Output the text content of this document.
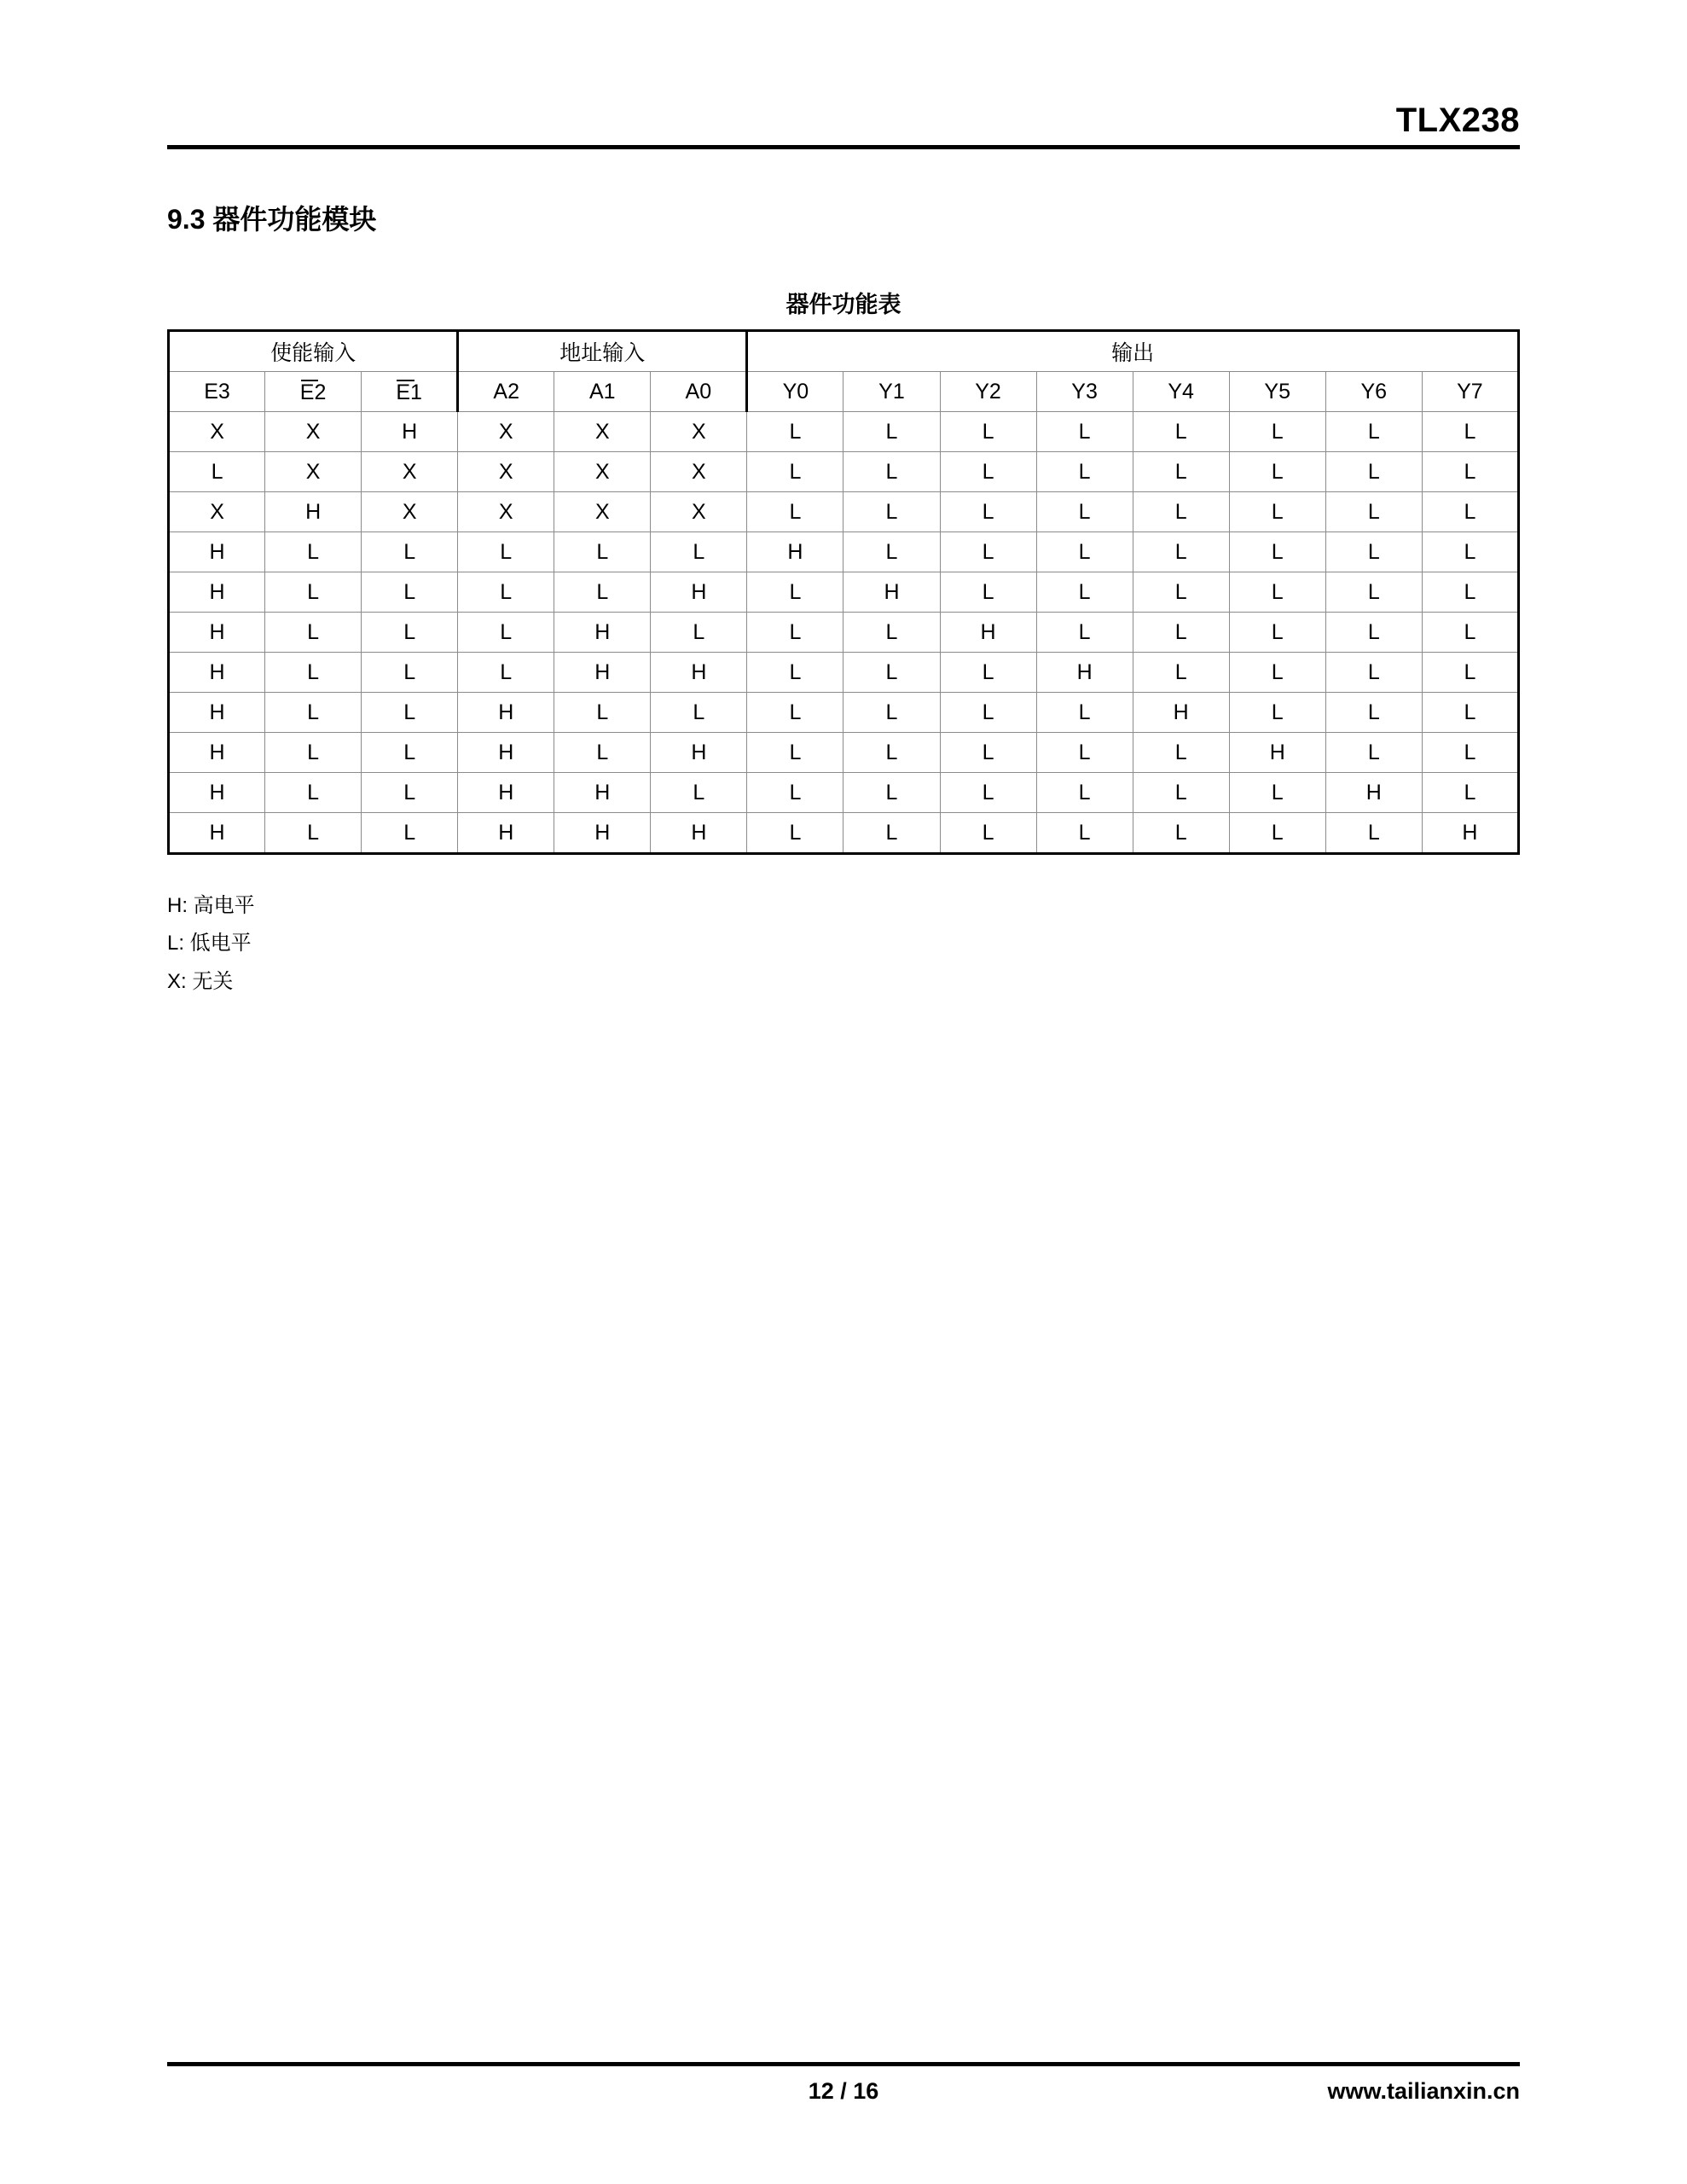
TLX238
9.3 器件功能模块
器件功能表
使能输入			地址输入			输出							
E3	E2	E1	A2	A1	A0	Y0	Y1	Y2	Y3	Y4	Y5	Y6	Y7
X	X	H	X	X	X	L	L	L	L	L	L	L	L
L	X	X	X	X	X	L	L	L	L	L	L	L	L
X	H	X	X	X	X	L	L	L	L	L	L	L	L
H	L	L	L	L	L	H	L	L	L	L	L	L	L
H	L	L	L	L	H	L	H	L	L	L	L	L	L
H	L	L	L	H	L	L	L	H	L	L	L	L	L
H	L	L	L	H	H	L	L	L	H	L	L	L	L
H	L	L	H	L	L	L	L	L	L	H	L	L	L
H	L	L	H	L	H	L	L	L	L	L	H	L	L
H	L	L	H	H	L	L	L	L	L	L	L	H	L
H	L	L	H	H	H	L	L	L	L	L	L	L	H
H: 高电平
L: 低电平
X: 无关
12 / 16	www.tailianxin.cn
